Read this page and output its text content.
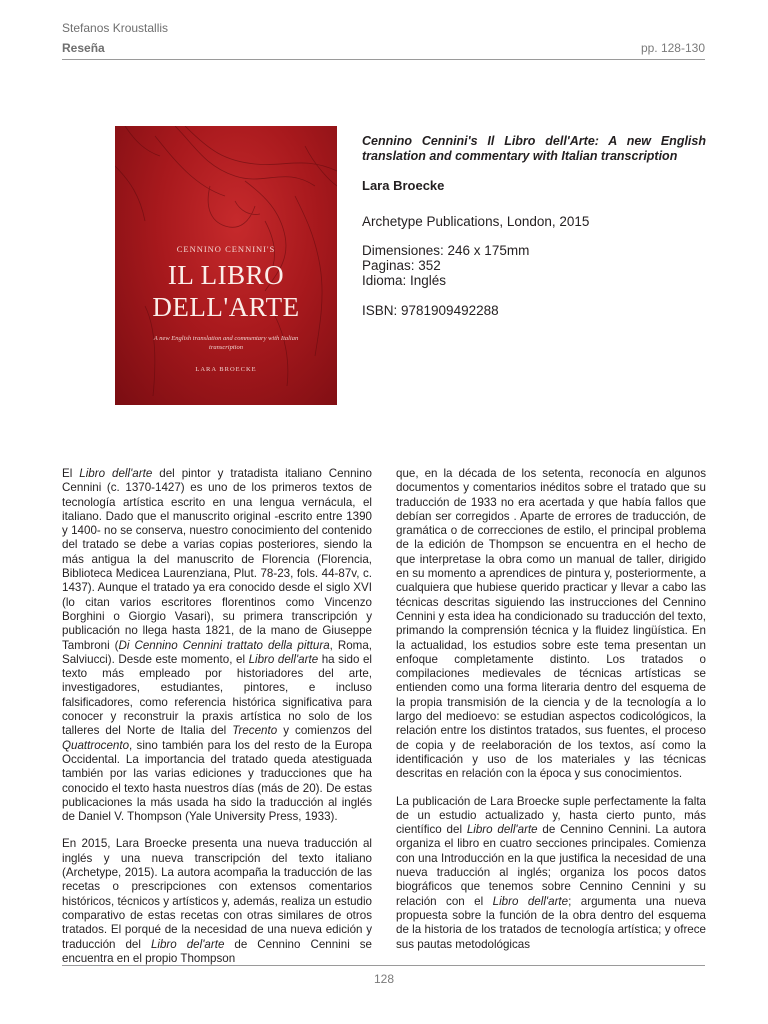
Stefanos Kroustallis
Reseña	pp. 128-130
CENNINO CENNINI'S
IL LIBRO
DELL'ARTE
A new English translation and commentary with Italian transcription
LARA BROECKE

Cennino Cennini's Il Libro dell'Arte: A new English translation and commentary with Italian transcription

Lara Broecke
Archetype Publications, London, 2015
Dimensiones: 246 x 175mm
Paginas: 352
Idioma: Inglés
ISBN: 9781909492288

El Libro dell'arte del pintor y tratadista italiano Cennino Cennini (c. 1370-1427) es uno de los primeros textos de tecnología artística escrito en una lengua vernácula, el italiano. Dado que el manuscrito original -escrito entre 1390 y 1400- no se conserva, nuestro conocimiento del contenido del tratado se debe a varias copias posteriores, siendo la más antigua la del manuscrito de Florencia (Florencia, Biblioteca Medicea Laurenziana, Plut. 78-23, fols. 44-87v, c. 1437). Aunque el tratado ya era conocido desde el siglo XVI (lo citan varios escritores florentinos como Vincenzo Borghini o Giorgio Vasari), su primera transcripción y publicación no llega hasta 1821, de la mano de Giuseppe Tambroni (Di Cennino Cennini trattato della pittura, Roma, Salviucci). Desde este momento, el Libro dell'arte ha sido el texto más empleado por historiadores del arte, investigadores, estudiantes, pintores, e incluso falsificadores, como referencia histórica significativa para conocer y reconstruir la praxis artística no solo de los talleres del Norte de Italia del Trecento y comienzos del Quattrocento, sino también para los del resto de la Europa Occidental. La importancia del tratado queda atestiguada también por las varias ediciones y traducciones que ha conocido el texto hasta nuestros días (más de 20). De estas publicaciones la más usada ha sido la traducción al inglés de Daniel V. Thompson (Yale University Press, 1933).

En 2015, Lara Broecke presenta una nueva traducción al inglés y una nueva transcripción del texto italiano (Archetype, 2015). La autora acompaña la traducción de las recetas o prescripciones con extensos comentarios históricos, técnicos y artísticos y, además, realiza un estudio comparativo de estas recetas con otras similares de otros tratados. El porqué de la necesidad de una nueva edición y traducción del Libro del'arte de Cennino Cennini se encuentra en el propio Thompson

que, en la década de los setenta, reconocía en algunos documentos y comentarios inéditos sobre el tratado que su traducción de 1933 no era acertada y que había fallos que debían ser corregidos . Aparte de errores de traducción, de gramática o de correcciones de estilo, el principal problema de la edición de Thompson se encuentra en el hecho de que interpretase la obra como un manual de taller, dirigido en su momento a aprendices de pintura y, posteriormente, a cualquiera que hubiese querido practicar y llevar a cabo las técnicas descritas siguiendo las instrucciones del Cennino Cennini y esta idea ha condicionado su traducción del texto, primando la comprensión técnica y la fluidez lingüística. En la actualidad, los estudios sobre este tema presentan un enfoque completamente distinto. Los tratados o compilaciones medievales de técnicas artísticas se entienden como una forma literaria dentro del esquema de la propia transmisión de la ciencia y de la tecnología a lo largo del medioevo: se estudian aspectos codicológicos, la relación entre los distintos tratados, sus fuentes, el proceso de copia y de reelaboración de los textos, así como la identificación y uso de los materiales y las técnicas descritas en relación con la época y sus conocimientos.

La publicación de Lara Broecke suple perfectamente la falta de un estudio actualizado y, hasta cierto punto, más científico del Libro dell'arte de Cennino Cennini. La autora organiza el libro en cuatro secciones principales. Comienza con una Introducción en la que justifica la necesidad de una nueva traducción al inglés; organiza los pocos datos biográficos que tenemos sobre Cennino Cennini y su relación con el Libro dell'arte; argumenta una nueva propuesta sobre la función de la obra dentro del esquema de la historia de los tratados de tecnología artística; y ofrece sus pautas metodológicas

128
